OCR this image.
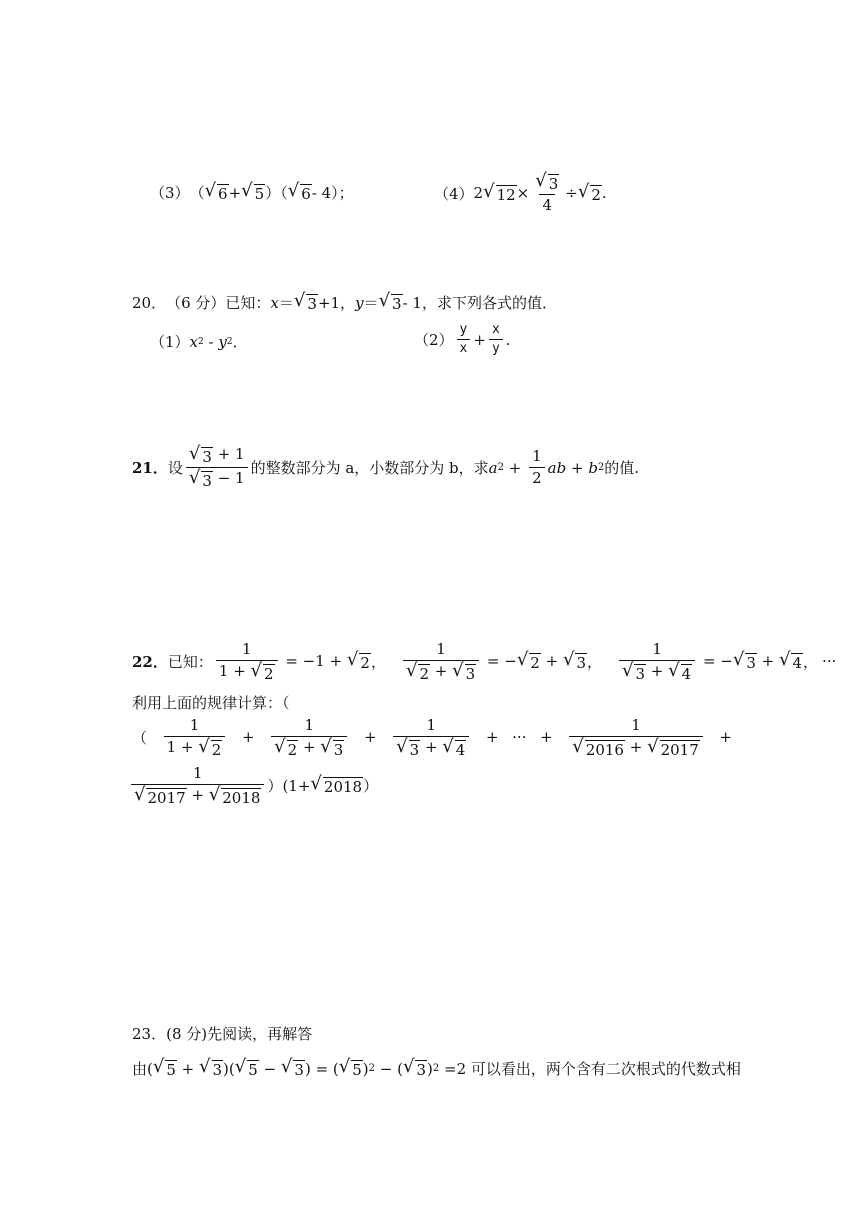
（3） （ √ 6 + √ 5 ）（ √ 6 - 4）；	（4） 2 √ $12 \times \frac{√ 3}{4}$ ÷ √ 2 .
20． （6 分） 已知： x ＝ √ 3 +1， y ＝ √ 3 - 1， 求下列各式的值．
（1） x 2 - y 2 ．	$(2) \frac{y}{x} + \frac{x}{y}$ .
21． 设 $\frac{√ 3 + 1}{√ 3 - 1}$ 的整数部分为 a，小数部分为 b，求 a $2 + \frac{1}{2}$ ab + b 2 的值.
22． 已知： $\frac{1}{1 + √ 2} = -1$ + √ 2 ， $\frac{1}{√ 2 + √ 3}$ = − √ 2 + √ 3 ， $\frac{1}{√ 3 + √ 4}$ = − √ 3 + √ 4 ， ···
利用上面的规律计算：（
（ $\frac{1}{1 + √ 2} + \frac{1}{√ 2 + √ 3} + \frac{1}{√ 3 + √ 4}$ + ··· + $\frac{1}{√ 2016 + √ 2017}$ +
$\frac{1}{√ 2017 + √ 2018} )(1+$ √ 2018 ）
23． (8 分) 先阅读，再解答
由 ( √ 5 + √ 3 )( √ 5 − √ 3 ) = ( √ 5 ) 2 − ( √ 3 ) 2 =2 可以看出，两个含有二次根式的代数式相
